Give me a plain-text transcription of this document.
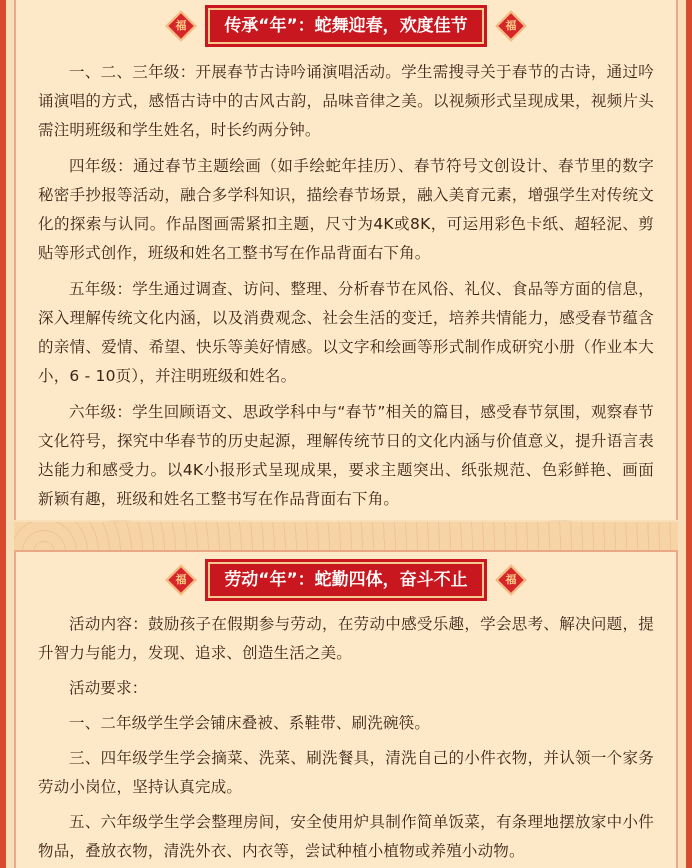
福	传承“年”：蛇舞迎春，欢度佳节	福

一、二、三年级：开展春节古诗吟诵演唱活动。学生需搜寻关于春节的古诗，通过吟诵演唱的方式，感悟古诗中的古风古韵，品味音律之美。以视频形式呈现成果，视频片头需注明班级和学生姓名，时长约两分钟。

四年级：通过春节主题绘画（如手绘蛇年挂历）、春节符号文创设计、春节里的数字秘密手抄报等活动，融合多学科知识，描绘春节场景，融入美育元素，增强学生对传统文化的探索与认同。作品图画需紧扣主题，尺寸为4K或8K，可运用彩色卡纸、超轻泥、剪贴等形式创作，班级和姓名工整书写在作品背面右下角。

五年级：学生通过调查、访问、整理、分析春节在风俗、礼仪、食品等方面的信息，深入理解传统文化内涵，以及消费观念、社会生活的变迁，培养共情能力，感受春节蕴含的亲情、爱情、希望、快乐等美好情感。以文字和绘画等形式制作成研究小册（作业本大小，6 - 10页），并注明班级和姓名。

六年级：学生回顾语文、思政学科中与“春节”相关的篇目，感受春节氛围，观察春节文化符号，探究中华春节的历史起源，理解传统节日的文化内涵与价值意义，提升语言表达能力和感受力。以4K小报形式呈现成果，要求主题突出、纸张规范、色彩鲜艳、画面新颖有趣，班级和姓名工整书写在作品背面右下角。

福	劳动“年”：蛇勤四体，奋斗不止	福

活动内容：鼓励孩子在假期参与劳动，在劳动中感受乐趣，学会思考、解决问题，提升智力与能力，发现、追求、创造生活之美。

活动要求：

一、二年级学生学会铺床叠被、系鞋带、刷洗碗筷。

三、四年级学生学会摘菜、洗菜、刷洗餐具，清洗自己的小件衣物，并认领一个家务劳动小岗位，坚持认真完成。

五、六年级学生学会整理房间，安全使用炉具制作简单饭菜，有条理地摆放家中小件物品，叠放衣物，清洗外衣、内衣等，尝试种植小植物或养殖小动物。
